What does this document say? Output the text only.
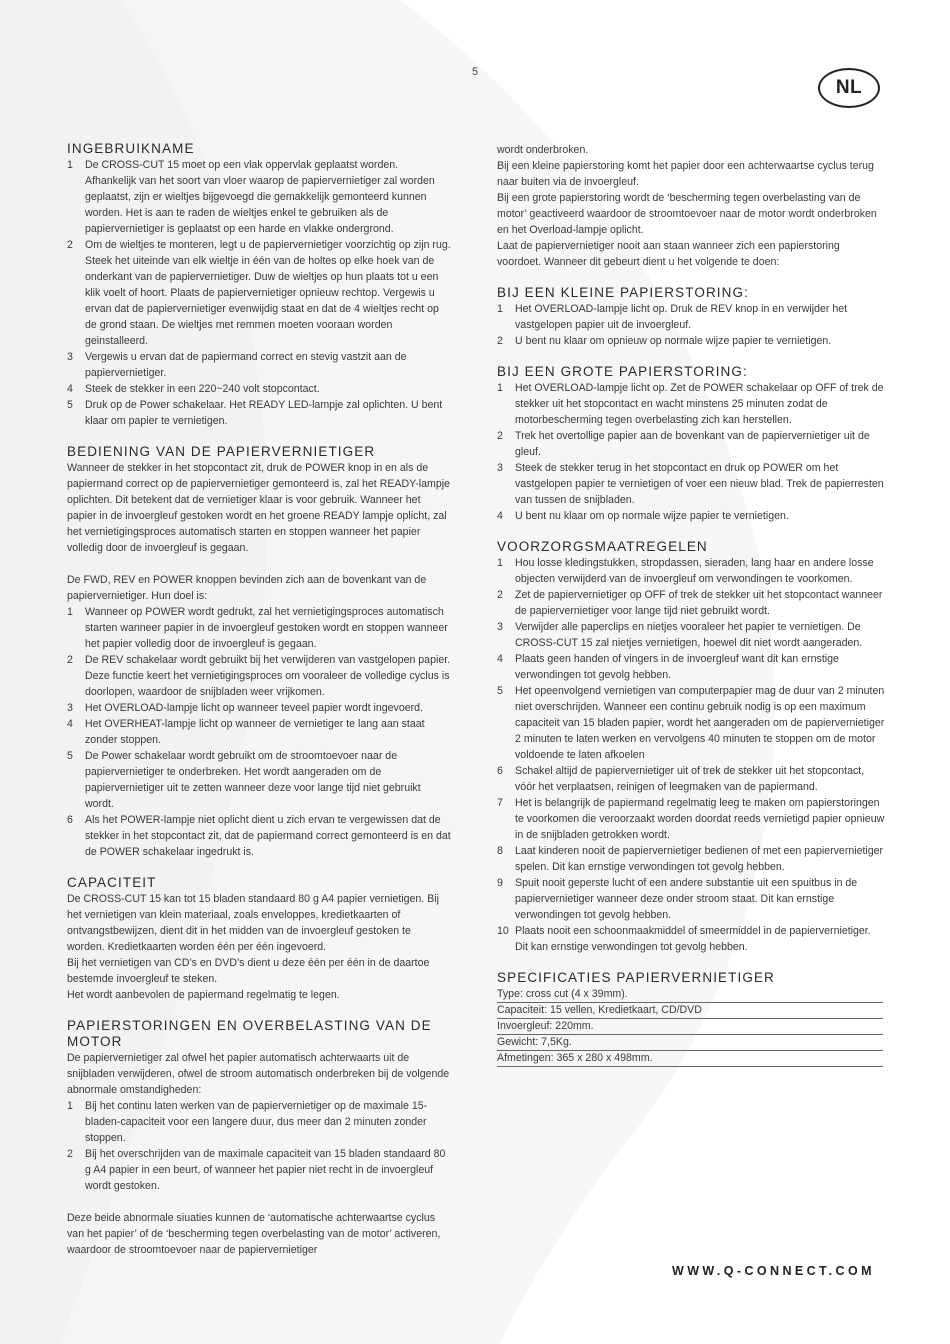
5
NL
INGEBRUIKNAME
1 De CROSS-CUT 15 moet op een vlak oppervlak geplaatst worden. Afhankelijk van het soort van vloer waarop de papiervernietiger zal worden geplaatst, zijn er wieltjes bijgevoegd die gemakkelijk gemonteerd kunnen worden. Het is aan te raden de wieltjes enkel te gebruiken als de papiervernietiger is geplaatst op een harde en vlakke ondergrond.
2 Om de wieltjes te monteren, legt u de papiervernietiger voorzichtig op zijn rug. Steek het uiteinde van elk wieltje in één van de holtes op elke hoek van de onderkant van de papiervernietiger. Duw de wieltjes op hun plaats tot u een klik voelt of hoort. Plaats de papiervernietiger opnieuw rechtop. Vergewis u ervan dat de papiervernietiger evenwijdig staat en dat de 4 wieltjes recht op de grond staan. De wieltjes met remmen moeten vooraan worden geinstalleerd.
3 Vergewis u ervan dat de papiermand correct en stevig vastzit aan de papiervernietiger.
4 Steek de stekker in een 220~240 volt stopcontact.
5 Druk op de Power schakelaar. Het READY LED-lampje zal oplichten. U bent klaar om papier te vernietigen.
BEDIENING VAN DE PAPIERVERNIETIGER

Wanneer de stekker in het stopcontact zit, druk de POWER knop in en als de papiermand correct op de papiervernietiger gemonteerd is, zal het READY-lampje oplichten. Dit betekent dat de vernietiger klaar is voor gebruik. Wanneer het papier in de invoergleuf gestoken wordt en het groene READY lampje oplicht, zal het vernietigingsproces automatisch starten en stoppen wanneer het papier volledig door de invoergleuf is gegaan.

De FWD, REV en POWER knoppen bevinden zich aan de bovenkant van de papiervernietiger. Hun doel is:

1 Wanneer op POWER wordt gedrukt, zal het vernietigingsproces automatisch starten wanneer papier in de invoergleuf gestoken wordt en stoppen wanneer het papier volledig door de invoergleuf is gegaan.
2 De REV schakelaar wordt gebruikt bij het verwijderen van vastgelopen papier. Deze functie keert het vernietigingsproces om vooraleer de volledige cyclus is doorlopen, waardoor de snijbladen weer vrijkomen.
3 Het OVERLOAD-lampje licht op wanneer teveel papier wordt ingevoerd.
4 Het OVERHEAT-lampje licht op wanneer de vernietiger te lang aan staat zonder stoppen.
5 De Power schakelaar wordt gebruikt om de stroomtoevoer naar de papiervernietiger te onderbreken. Het wordt aangeraden om de papiervernietiger uit te zetten wanneer deze voor lange tijd niet gebruikt wordt.
6 Als het POWER-lampje niet oplicht dient u zich ervan te vergewissen dat de stekker in het stopcontact zit, dat de papiermand correct gemonteerd is en dat de POWER schakelaar ingedrukt is.
CAPACITEIT

De CROSS-CUT 15 kan tot 15 bladen standaard 80 g A4 papier vernietigen. Bij het vernietigen van klein materiaal, zoals enveloppes, kredietkaarten of ontvangstbewijzen, dient dit in het midden van de invoergleuf gestoken te worden. Kredietkaarten worden één per één ingevoerd.

Bij het vernietigen van CD’s en DVD’s dient u deze één per één in de daartoe bestemde invoergleuf te steken.

Het wordt aanbevolen de papiermand regelmatig te legen.

PAPIERSTORINGEN EN OVERBELASTING VAN DE MOTOR

De papiervernietiger zal ofwel het papier automatisch achterwaarts uit de snijbladen verwijderen, ofwel de stroom automatisch onderbreken bij de volgende abnormale omstandigheden:

1 Bij het continu laten werken van de papiervernietiger op de maximale 15-bladen-capaciteit voor een langere duur, dus meer dan 2 minuten zonder stoppen.
2 Bij het overschrijden van de maximale capaciteit van 15 bladen standaard 80 g A4 papier in een beurt, of wanneer het papier niet recht in de invoergleuf wordt gestoken.

Deze beide abnormale siuaties kunnen de ‘automatische achterwaartse cyclus van het papier’ of de ‘bescherming tegen overbelasting van de motor’ activeren, waardoor de stroomtoevoer naar de papiervernietiger

wordt onderbroken.

Bij een kleine papierstoring komt het papier door een achterwaartse cyclus terug naar buiten via de invoergleuf.

Bij een grote papierstoring wordt de ‘bescherming tegen overbelasting van de motor’ geactiveerd waardoor de stroomtoevoer naar de motor wordt onderbroken en het Overload-lampje oplicht.

Laat de papiervernietiger nooit aan staan wanneer zich een papierstoring voordoet. Wanneer dit gebeurt dient u het volgende te doen:

BIJ EEN KLEINE PAPIERSTORING:
1 Het OVERLOAD-lampje licht op. Druk de REV knop in en verwijder het vastgelopen papier uit de invoergleuf.
2 U bent nu klaar om opnieuw op normale wijze papier te vernietigen.
BIJ EEN GROTE PAPIERSTORING:
1 Het OVERLOAD-lampje licht op. Zet de POWER schakelaar op OFF of trek de stekker uit het stopcontact en wacht minstens 25 minuten zodat de motorbescherming tegen overbelasting zich kan herstellen.
2 Trek het overtollige papier aan de bovenkant van de papiervernietiger uit de gleuf.
3 Steek de stekker terug in het stopcontact en druk op POWER om het vastgelopen papier te vernietigen of voer een nieuw blad. Trek de papierresten van tussen de snijbladen.
4 U bent nu klaar om op normale wijze papier te vernietigen.
VOORZORGSMAATREGELEN
1 Hou losse kledingstukken, stropdassen, sieraden, lang haar en andere losse objecten verwijderd van de invoergleuf om verwondingen te voorkomen.
2 Zet de papiervernietiger op OFF of trek de stekker uit het stopcontact wanneer de papiervernietiger voor lange tijd niet gebruikt wordt.
3 Verwijder alle paperclips en nietjes vooraleer het papier te vernietigen. De CROSS-CUT 15 zal nietjes vernietigen, hoewel dit niet wordt aangeraden.
4 Plaats geen handen of vingers in de invoergleuf want dit kan ernstige verwondingen tot gevolg hebben.
5 Het opeenvolgend vernietigen van computerpapier mag de duur van 2 minuten niet overschrijden. Wanneer een continu gebruik nodig is op een maximum capaciteit van 15 bladen papier, wordt het aangeraden om de papiervernietiger 2 minuten te laten werken en vervolgens 40 minuten te stoppen om de motor voldoende te laten afkoelen
6 Schakel altijd de papiervernietiger uit of trek de stekker uit het stopcontact, vóór het verplaatsen, reinigen of leegmaken van de papiermand.
7 Het is belangrijk de papiermand regelmatig leeg te maken om papierstoringen te voorkomen die veroorzaakt worden doordat reeds vernietigd papier opnieuw in de snijbladen getrokken wordt.
8 Laat kinderen nooit de papiervernietiger bedienen of met een papiervernietiger spelen. Dit kan ernstige verwondingen tot gevolg hebben.
9 Spuit nooit geperste lucht of een andere substantie uit een spuitbus in de papiervernietiger wanneer deze onder stroom staat. Dit kan ernstige verwondingen tot gevolg hebben.
10 Plaats nooit een schoonmaakmiddel of smeermiddel in de papiervernietiger. Dit kan ernstige verwondingen tot gevolg hebben.
SPECIFICATIES PAPIERVERNIETIGER
Type: cross cut (4 x 39mm).
Capaciteit: 15 vellen, Kredietkaart, CD/DVD
Invoergleuf: 220mm.
Gewicht: 7,5Kg.
Afmetingen: 365 x 280 x 498mm.
WWW.Q-CONNECT.COM
